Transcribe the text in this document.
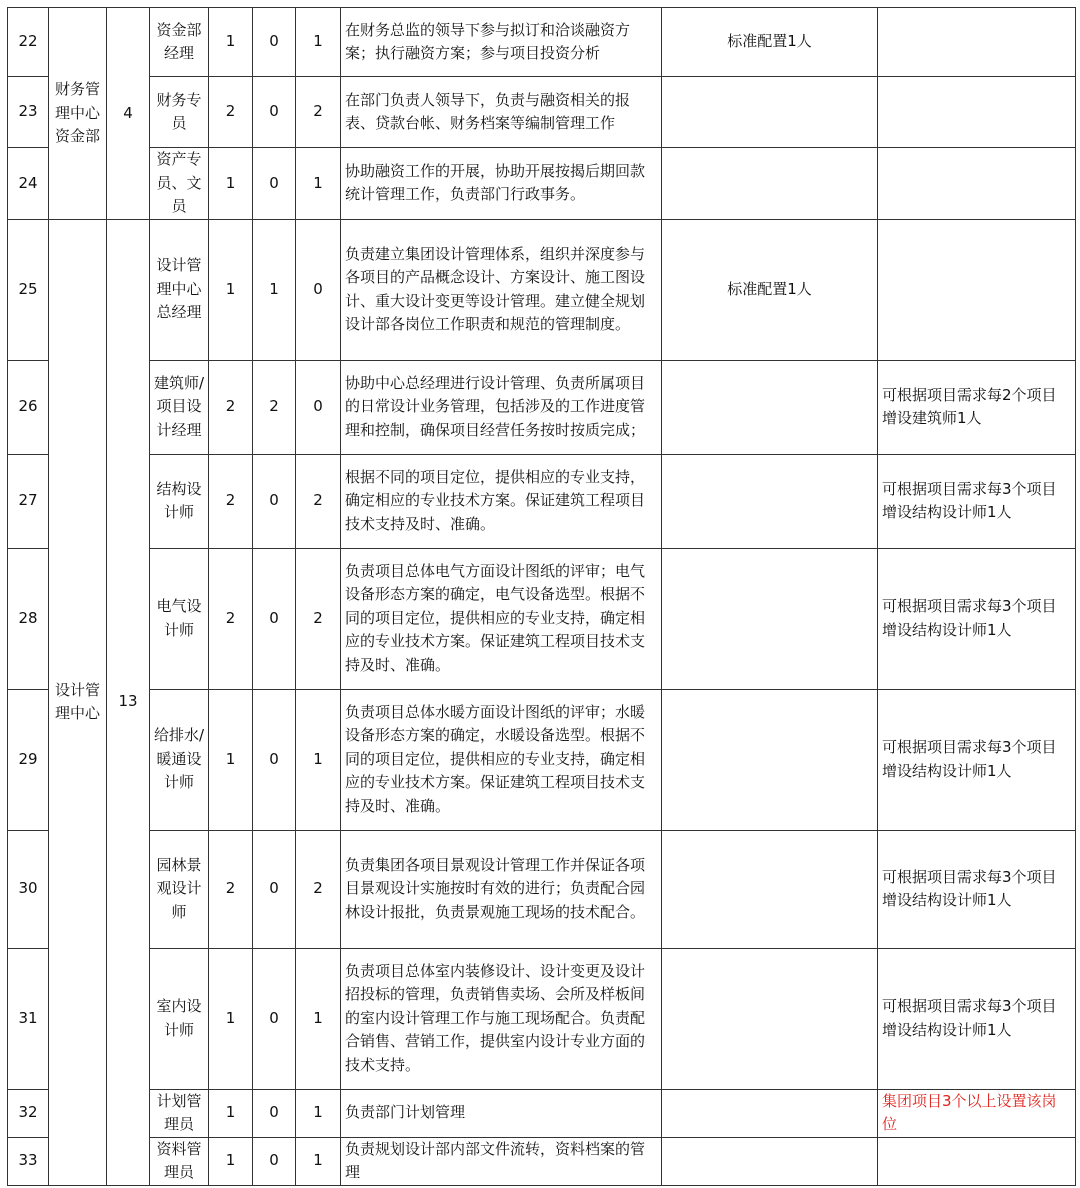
22	财务管理中心资金部	4	资金部经理	1	0	1	在财务总监的领导下参与拟订和洽谈融资方案；执行融资方案；参与项目投资分析	标准配置1人	
23			财务专员	2	0	2	在部门负责人领导下，负责与融资相关的报表、贷款台帐、财务档案等编制管理工作		
24			资产专员、文员	1	0	1	协助融资工作的开展，协助开展按揭后期回款统计管理工作，负责部门行政事务。		
25	设计管理中心	13	设计管理中心总经理	1	1	0	负责建立集团设计管理体系，组织并深度参与各项目的产品概念设计、方案设计、施工图设计、重大设计变更等设计管理。建立健全规划设计部各岗位工作职责和规范的管理制度。	标准配置1人	
26			建筑师/项目设计经理	2	2	0	协助中心总经理进行设计管理、负责所属项目的日常设计业务管理，包括涉及的工作进度管理和控制，确保项目经营任务按时按质完成；		可根据项目需求每2个项目增设建筑师1人
27			结构设计师	2	0	2	根据不同的项目定位，提供相应的专业支持，确定相应的专业技术方案。保证建筑工程项目技术支持及时、准确。		可根据项目需求每3个项目增设结构设计师1人
28			电气设计师	2	0	2	负责项目总体电气方面设计图纸的评审；电气设备形态方案的确定，电气设备选型。根据不同的项目定位，提供相应的专业支持，确定相应的专业技术方案。保证建筑工程项目技术支持及时、准确。		可根据项目需求每3个项目增设结构设计师1人
29			给排水/暖通设计师	1	0	1	负责项目总体水暖方面设计图纸的评审；水暖设备形态方案的确定，水暖设备选型。根据不同的项目定位，提供相应的专业支持，确定相应的专业技术方案。保证建筑工程项目技术支持及时、准确。		可根据项目需求每3个项目增设结构设计师1人
30			园林景观设计师	2	0	2	负责集团各项目景观设计管理工作并保证各项目景观设计实施按时有效的进行；负责配合园林设计报批，负责景观施工现场的技术配合。		可根据项目需求每3个项目增设结构设计师1人
31			室内设计师	1	0	1	负责项目总体室内装修设计、设计变更及设计招投标的管理，负责销售卖场、会所及样板间的室内设计管理工作与施工现场配合。负责配合销售、营销工作，提供室内设计专业方面的技术支持。		可根据项目需求每3个项目增设结构设计师1人
32			计划管理员	1	0	1	负责部门计划管理		集团项目3个以上设置该岗位
33			资料管理员	1	0	1	负责规划设计部内部文件流转，资料档案的管理		
